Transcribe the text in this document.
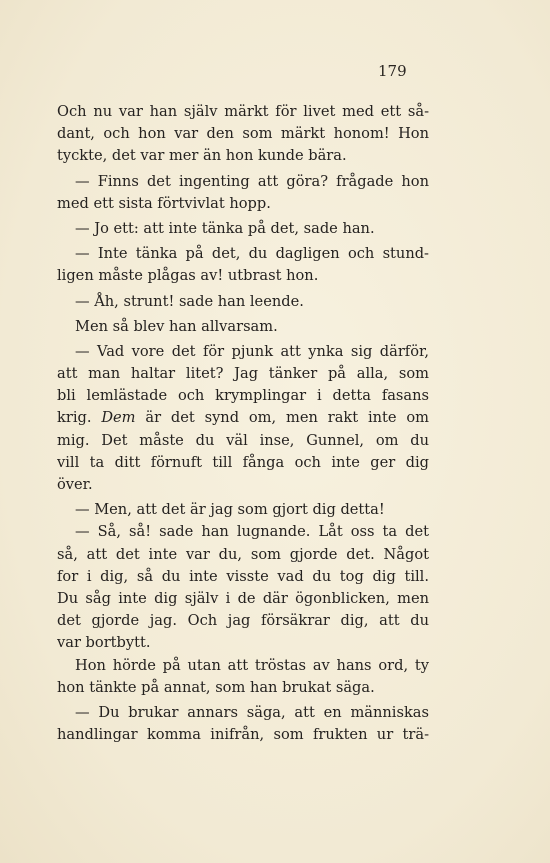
179
Och nu var han själv märkt för livet med ett så-
dant, och hon var den som märkt honom! Hon
tyckte, det var mer än hon kunde bära.
— Finns det ingenting att göra? frågade hon
med ett sista förtvivlat hopp.
— Jo ett: att inte tänka på det, sade han.
— Inte tänka på det, du dagligen och stund-
ligen måste plågas av! utbrast hon.
— Åh, strunt! sade han leende.
Men så blev han allvarsam.
— Vad vore det för pjunk att ynka sig därför,
att man haltar litet? Jag tänker på alla, som
bli lemlästade och krymplingar i detta fasans
krig. Dem är det synd om, men rakt inte om
mig. Det måste du väl inse, Gunnel, om du
vill ta ditt förnuft till fånga och inte ger dig
över.
— Men, att det är jag som gjort dig detta!
— Så, så! sade han lugnande. Låt oss ta det
så, att det inte var du, som gjorde det. Något
for i dig, så du inte visste vad du tog dig till.
Du såg inte dig själv i de där ögonblicken, men
det gjorde jag. Och jag försäkrar dig, att du
var bortbytt.
Hon hörde på utan att tröstas av hans ord, ty
hon tänkte på annat, som han brukat säga.
— Du brukar annars säga, att en människas
handlingar komma inifrån, som frukten ur trä-
